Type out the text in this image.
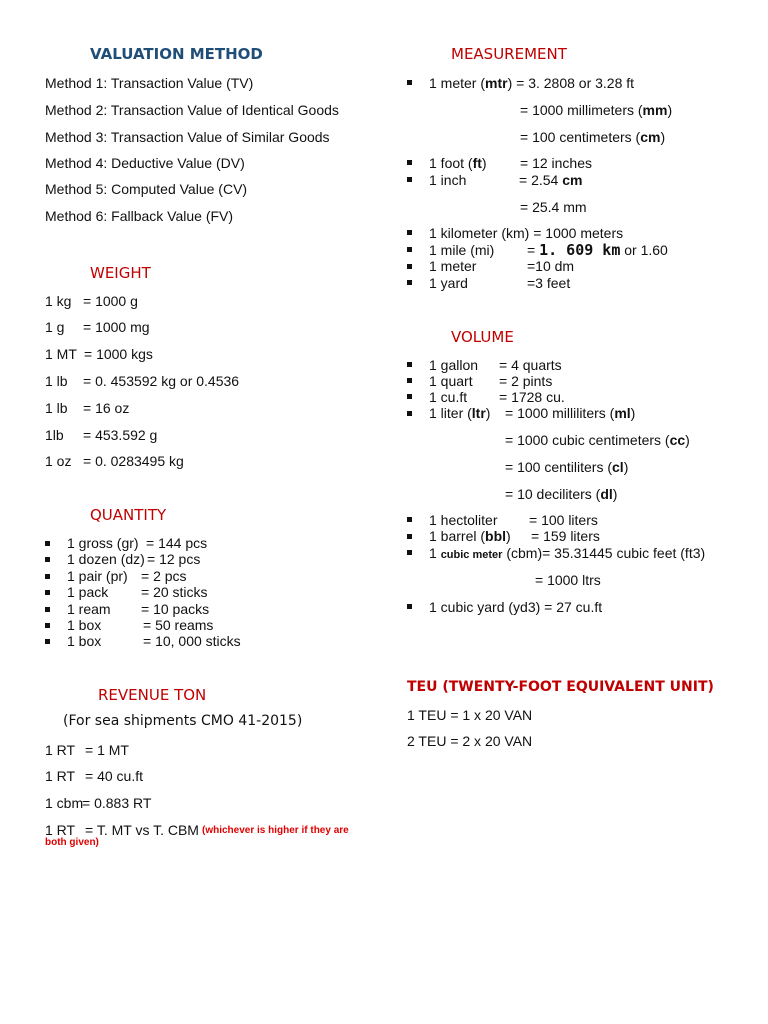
VALUATION METHOD
Method 1: Transaction Value (TV)
Method 2: Transaction Value of Identical Goods
Method 3: Transaction Value of Similar Goods
Method 4: Deductive Value (DV)
Method 5: Computed Value (CV)
Method 6: Fallback Value (FV)
WEIGHT
1 kg = 1000 g
1 g = 1000 mg
1 MT = 1000 kgs
1 lb = 0. 453592 kg or 0.4536
1 lb = 16 oz
1lb = 453.592 g
1 oz = 0. 0283495 kg
QUANTITY
1 gross (gr) = 144 pcs
1 dozen (dz) = 12 pcs
1 pair (pr) = 2 pcs
1 pack = 20 sticks
1 ream = 10 packs
1 box	= 50 reams
1 box	= 10, 000 sticks
REVENUE TON
(For sea shipments CMO 41-2015)
1 RT = 1 MT
1 RT = 40 cu.ft
1 cbm
= 0.883 RT
1 RT = T. MT vs T. CBM (whichever is higher if they are
both given)
MEASUREMENT
1 meter (mtr) = 3. 2808 or 3.28 ft
= 1000 millimeters (mm)
= 100 centimeters (cm)
1 foot (ft) = 12 inches
1 inch	= 2.54 cm
= 25.4 mm
1 kilometer (km) = 1000 meters
1 mile (mi) = 1. 609 km or 1.60
1 meter	=10 dm
1 yard	=3 feet
VOLUME
1 gallon = 4 quarts
1 quart = 2 pints
1 cu.ft = 1728 cu.
1 liter (ltr) = 1000 milliliters (ml)
= 1000 cubic centimeters (cc)
= 100 centiliters (cl)
= 10 deciliters (dl)
1 hectoliter = 100 liters
1 barrel (bbl) = 159 liters
1 cubic meter (cbm)= 35.31445 cubic feet (ft3)
= 1000 ltrs
1 cubic yard (yd3) = 27 cu.ft
TEU (TWENTY-FOOT EQUIVALENT UNIT)
1 TEU = 1 x 20 VAN
2 TEU = 2 x 20 VAN
